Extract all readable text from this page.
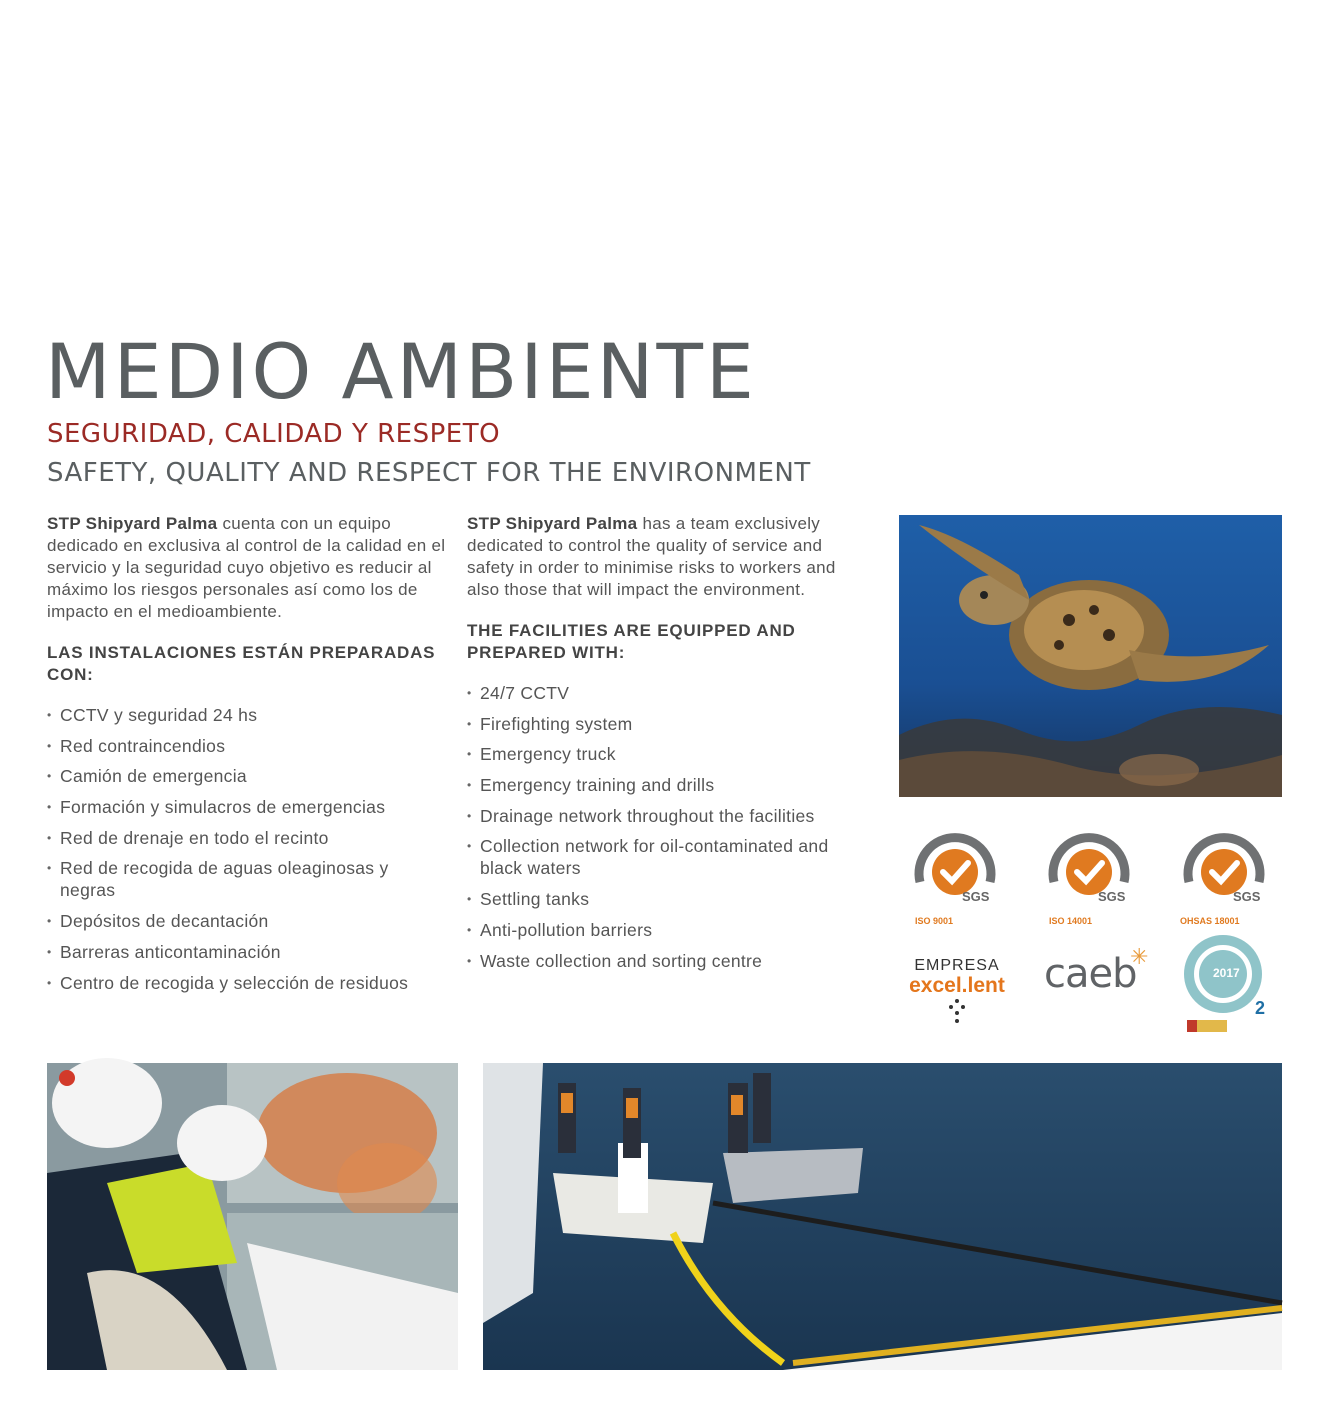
MEDIO AMBIENTE
SEGURIDAD, CALIDAD Y RESPETO
SAFETY, QUALITY AND RESPECT FOR THE ENVIRONMENT

STP Shipyard Palma cuenta con un equipo dedicado en exclusiva al control de la calidad en el servicio y la seguridad cuyo objetivo es reducir al máximo los riesgos personales así como los de impacto en el medioambiente.

LAS INSTALACIONES ESTÁN PREPARADAS CON:
• CCTV y seguridad 24 hs
• Red contraincendios
• Camión de emergencia
• Formación y simulacros de emergencias
• Red de drenaje en todo el recinto
• Red de recogida de aguas oleaginosas y negras
• Depósitos de decantación
• Barreras anticontaminación
• Centro de recogida y selección de residuos

STP Shipyard Palma has a team exclusively dedicated to control the quality of service and safety in order to minimise risks to workers and also those that will impact the environment.

THE FACILITIES ARE EQUIPPED AND PREPARED WITH:
• 24/7 CCTV
• Firefighting system
• Emergency truck
• Emergency training and drills
• Drainage network throughout the facilities
• Collection network for oil-contaminated and black waters
• Settling tanks
• Anti-pollution barriers
• Waste collection and sorting centre
SGS
ISO 9001
SGS
ISO 14001
SGS
OHSAS 18001
EMPRESA
excel.lent caeb
✳
2
2017
